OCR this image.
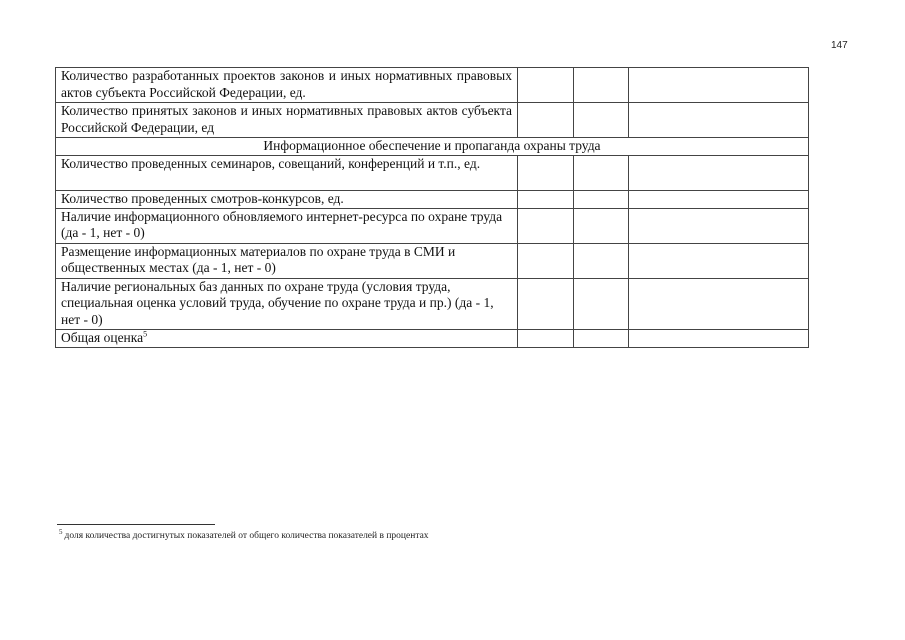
147
Количество разработанных проектов законов и иных нормативных правовых актов субъекта Российской Федерации, ед.			
Количество принятых законов и иных нормативных правовых актов субъекта Российской Федерации, ед			
Информационное обеспечение и пропаганда охраны труда			
Количество проведенных семинаров, совещаний, конференций и т.п., ед.			
Количество проведенных смотров-конкурсов, ед.			
Наличие информационного обновляемого интернет-ресурса по охране труда (да - 1, нет - 0)			
Размещение информационных материалов по охране труда в СМИ и общественных местах (да - 1, нет - 0)			
Наличие региональных баз данных по охране труда (условия труда, специальная оценка условий труда, обучение по охране труда и пр.) (да - 1, нет - 0)			
Общая оценка$^5$			
$^5$ доля количества достигнутых показателей от общего количества показателей в процентах
